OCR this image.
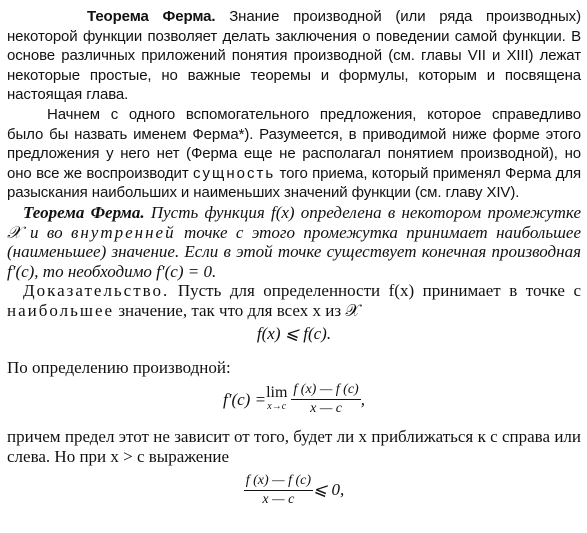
Теорема Ферма. Знание производной (или ряда производных) некоторой функции позволяет делать заключения о поведении самой функции. В основе различных приложений понятия производной (см. главы VII и XIII) лежат некоторые простые, но важные теоремы и формулы, которым и посвящена настоящая глава.

Начнем с одного вспомогательного предложения, которое справедливо было бы назвать именем Ферма*). Разумеется, в приводимой ниже форме этого предложения у него нет (Ферма еще не располагал понятием производной), но оно все же воспроизводит сущность того приема, который применял Ферма для разыскания наибольших и наименьших значений функции (см. главу XIV).

Теорема Ферма. Пусть функция f(x) определена в некотором промежутке 𝒳 и во внутренней точке с этого промежутка принимает наибольшее (наименьшее) значение. Если в этой точке существует конечная производная f′(c), то необходимо f′(c) = 0.

Доказательство. Пусть для определенности f(x) принимает в точке c наибольшее значение, так что для всех x из 𝒳

f(x) ⩽ f(c).

По определению производной:

f′(c) = lim
$x\to c \frac{f (x) — f (c)}{x — c}$ ,

причем предел этот не зависит от того, будет ли x приближаться к c справа или слева. Но при x > c выражение

$\frac{f (x) — f (c)}{x — c}$ ⩽ 0,
